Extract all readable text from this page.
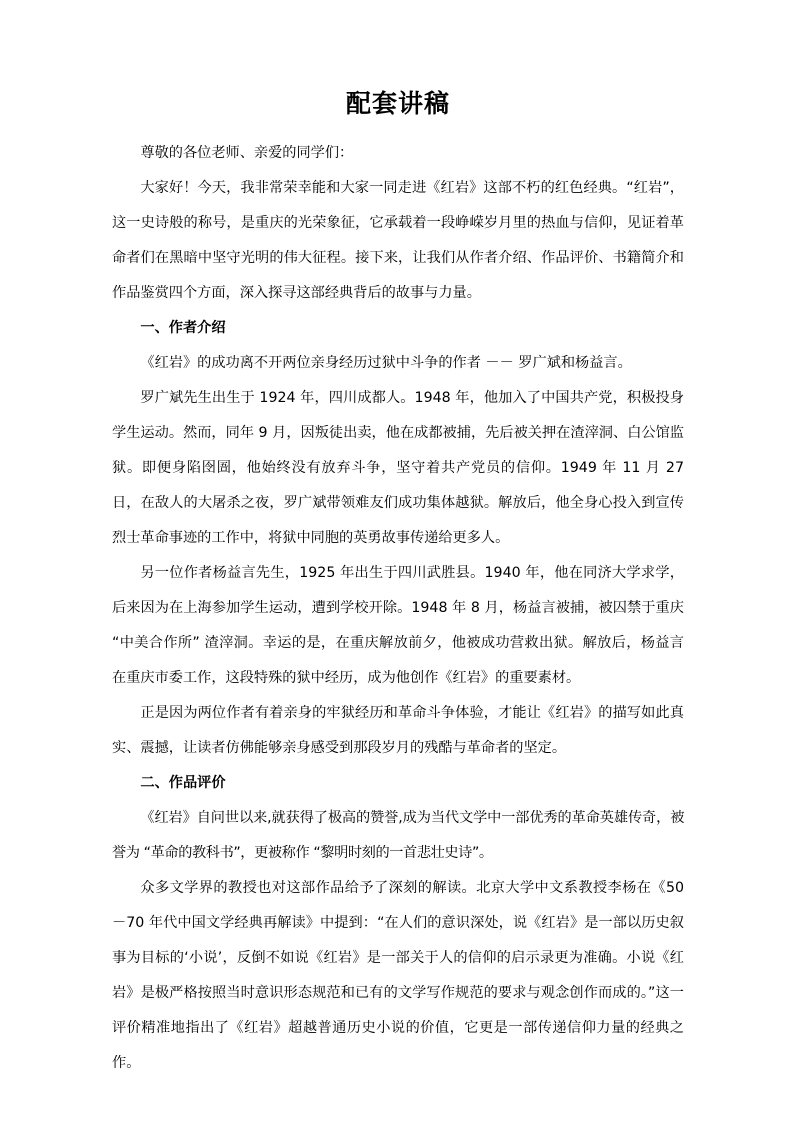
配套讲稿

尊敬的各位老师、亲爱的同学们：

大家好！今天，我非常荣幸能和大家一同走进《红岩》这部不朽的红色经典。“红岩”，这一史诗般的称号，是重庆的光荣象征，它承载着一段峥嵘岁月里的热血与信仰，见证着革命者们在黑暗中坚守光明的伟大征程。接下来，让我们从作者介绍、作品评价、书籍简介和作品鉴赏四个方面，深入探寻这部经典背后的故事与力量。

一、作者介绍

《红岩》的成功离不开两位亲身经历过狱中斗争的作者 －－ 罗广斌和杨益言。

罗广斌先生出生于 1924 年，四川成都人。1948 年，他加入了中国共产党，积极投身学生运动。然而，同年 9 月，因叛徒出卖，他在成都被捕，先后被关押在渣滓洞、白公馆监狱。即便身陷囹圄，他始终没有放弃斗争，坚守着共产党员的信仰。1949 年 11 月 27 日，在敌人的大屠杀之夜，罗广斌带领难友们成功集体越狱。解放后，他全身心投入到宣传烈士革命事迹的工作中，将狱中同胞的英勇故事传递给更多人。

另一位作者杨益言先生，1925 年出生于四川武胜县。1940 年，他在同济大学求学，后来因为在上海参加学生运动，遭到学校开除。1948 年 8 月，杨益言被捕，被囚禁于重庆 “中美合作所” 渣滓洞。幸运的是，在重庆解放前夕，他被成功营救出狱。解放后，杨益言在重庆市委工作，这段特殊的狱中经历，成为他创作《红岩》的重要素材。

正是因为两位作者有着亲身的牢狱经历和革命斗争体验，才能让《红岩》的描写如此真实、震撼，让读者仿佛能够亲身感受到那段岁月的残酷与革命者的坚定。

二、作品评价

《红岩》自问世以来,就获得了极高的赞誉,成为当代文学中一部优秀的革命英雄传奇，被誉为 “革命的教科书”，更被称作 “黎明时刻的一首悲壮史诗”。

众多文学界的教授也对这部作品给予了深刻的解读。北京大学中文系教授李杨在《50 －70 年代中国文学经典再解读》中提到：“在人们的意识深处，说《红岩》是一部以历史叙事为目标的‘小说’，反倒不如说《红岩》是一部关于人的信仰的启示录更为准确。小说《红岩》是极严格按照当时意识形态规范和已有的文学写作规范的要求与观念创作而成的。”这一评价精准地指出了《红岩》超越普通历史小说的价值，它更是一部传递信仰力量的经典之作。
